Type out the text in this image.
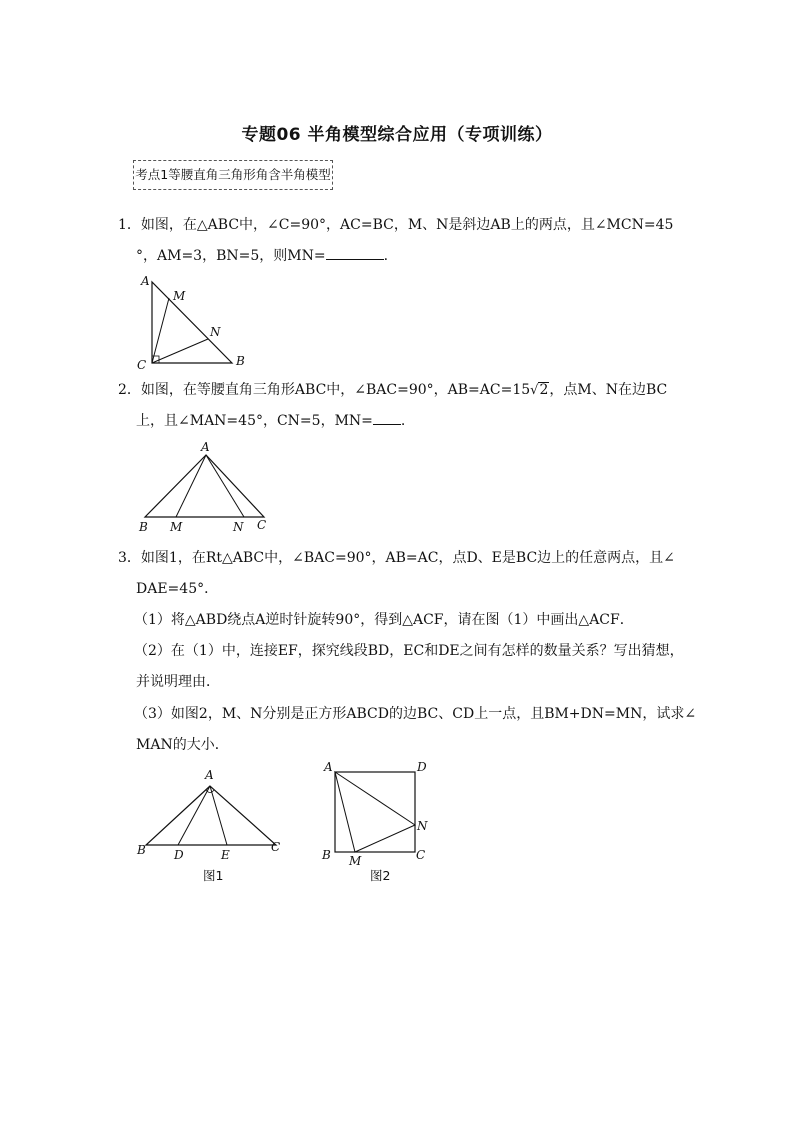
专题06 半角模型综合应用（专项训练）
考点1等腰直角三角形角含半角模型
1．如图，在△ABC中，∠C=90°，AC=BC，M、N是斜边AB上的两点，且∠MCN=45
°，AM=3，BN=5，则MN=	.
A
M
N
C	B
2．如图，在等腰直角三角形ABC中，∠BAC=90°，AB=AC=15√2，点M、N在边BC
上，且∠MAN=45°，CN=5，MN= .
A
B M	N C
3．如图1，在Rt△ABC中，∠BAC=90°，AB=AC，点D、E是BC边上的任意两点，且∠
DAE=45°．
（1）将△ABD绕点A逆时针旋转90°，得到△ACF，请在图（1）中画出△ACF．
（2）在（1）中，连接EF，探究线段BD，EC和DE之间有怎样的数量关系？写出猜想，
并说明理由．
（3）如图2，M、N分别是正方形ABCD的边BC、CD上一点，且BM+DN=MN，试求∠
MAN的大小．
A
B D	E
C
图1
A	D
N
B M	C
图2
